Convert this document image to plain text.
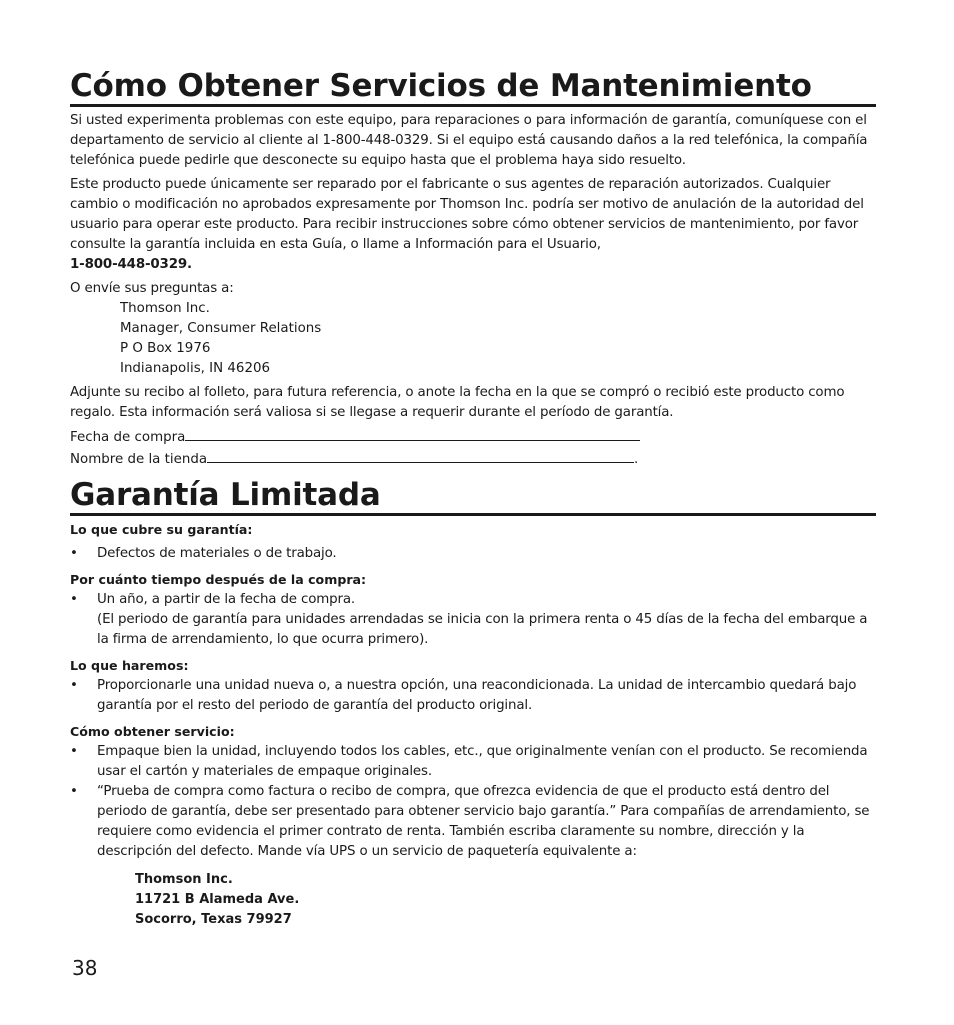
Cómo Obtener Servicios de Mantenimiento

Si usted experimenta problemas con este equipo, para reparaciones o para información de garantía, comuníquese con el departamento de servicio al cliente al 1-800-448-0329. Si el equipo está causando daños a la red telefónica, la compañía telefónica puede pedirle que desconecte su equipo hasta que el problema haya sido resuelto.

Este producto puede únicamente ser reparado por el fabricante o sus agentes de reparación autorizados. Cualquier cambio o modificación no aprobados expresamente por Thomson Inc. podría ser motivo de anulación de la autoridad del usuario para operar este producto. Para recibir instrucciones sobre cómo obtener servicios de mantenimiento, por favor consulte la garantía incluida en esta Guía, o llame a Información para el Usuario,
1-800-448-0329.

O envíe sus preguntas a:

Thomson Inc.
Manager, Consumer Relations
P O Box 1976
Indianapolis, IN 46206

Adjunte su recibo al folleto, para futura referencia, o anote la fecha en la que se compró o recibió este producto como regalo. Esta información será valiosa si se llegase a requerir durante el período de garantía.

Fecha de compra
Nombre de la tienda	.
Garantía Limitada
Lo que cubre su garantía:
• Defectos de materiales o de trabajo.
Por cuánto tiempo después de la compra:
• Un año, a partir de la fecha de compra.
(El periodo de garantía para unidades arrendadas se inicia con la primera renta o 45 días de la fecha del embarque a la firma de arrendamiento, lo que ocurra primero).
Lo que haremos:
• Proporcionarle una unidad nueva o, a nuestra opción, una reacondicionada. La unidad de intercambio quedará bajo garantía por el resto del periodo de garantía del producto original.
Cómo obtener servicio:
• Empaque bien la unidad, incluyendo todos los cables, etc., que originalmente venían con el producto. Se recomienda usar el cartón y materiales de empaque originales.
• “Prueba de compra como factura o recibo de compra, que ofrezca evidencia de que el producto está dentro del periodo de garantía, debe ser presentado para obtener servicio bajo garantía.” Para compañías de arrendamiento, se requiere como evidencia el primer contrato de renta. También escriba claramente su nombre, dirección y la descripción del defecto. Mande vía UPS o un servicio de paquetería equivalente a:
Thomson Inc.
11721 B Alameda Ave.
Socorro, Texas 79927
38
